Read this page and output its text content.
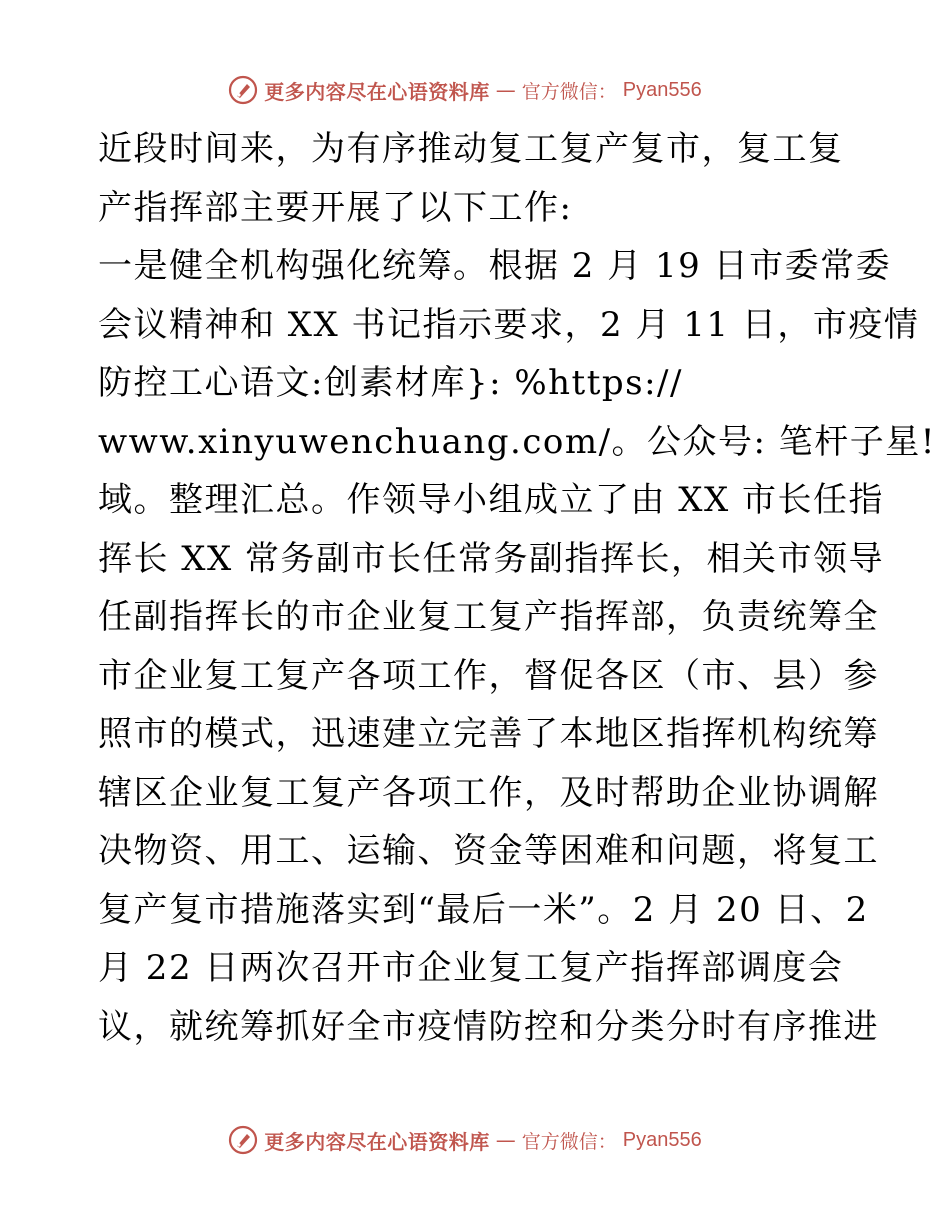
更多内容尽在心语资料库 — 官方微信： Pyan556
近段时间来，为有序推动复工复产复市，复工复
产指挥部主要开展了以下工作:
一是健全机构强化统筹。根据 2 月 19 日市委常委
会议精神和 XX 书记指示要求，2 月 11 日，市疫情
防控工心语文:创素材库}: %https://
www.xinyuwenchuang.com/。公众号: 笔杆子星!
域。整理汇总。作领导小组成立了由 XX 市长任指
挥长 XX 常务副市长任常务副指挥长，相关市领导
任副指挥长的市企业复工复产指挥部，负责统筹全
市企业复工复产各项工作，督促各区（市、县）参
照市的模式，迅速建立完善了本地区指挥机构统筹
辖区企业复工复产各项工作，及时帮助企业协调解
决物资、用工、运输、资金等困难和问题，将复工
复产复市措施落实到“最后一米”。2 月 20 日、2
月 22 日两次召开市企业复工复产指挥部调度会
议，就统筹抓好全市疫情防控和分类分时有序推进
更多内容尽在心语资料库 — 官方微信： Pyan556
